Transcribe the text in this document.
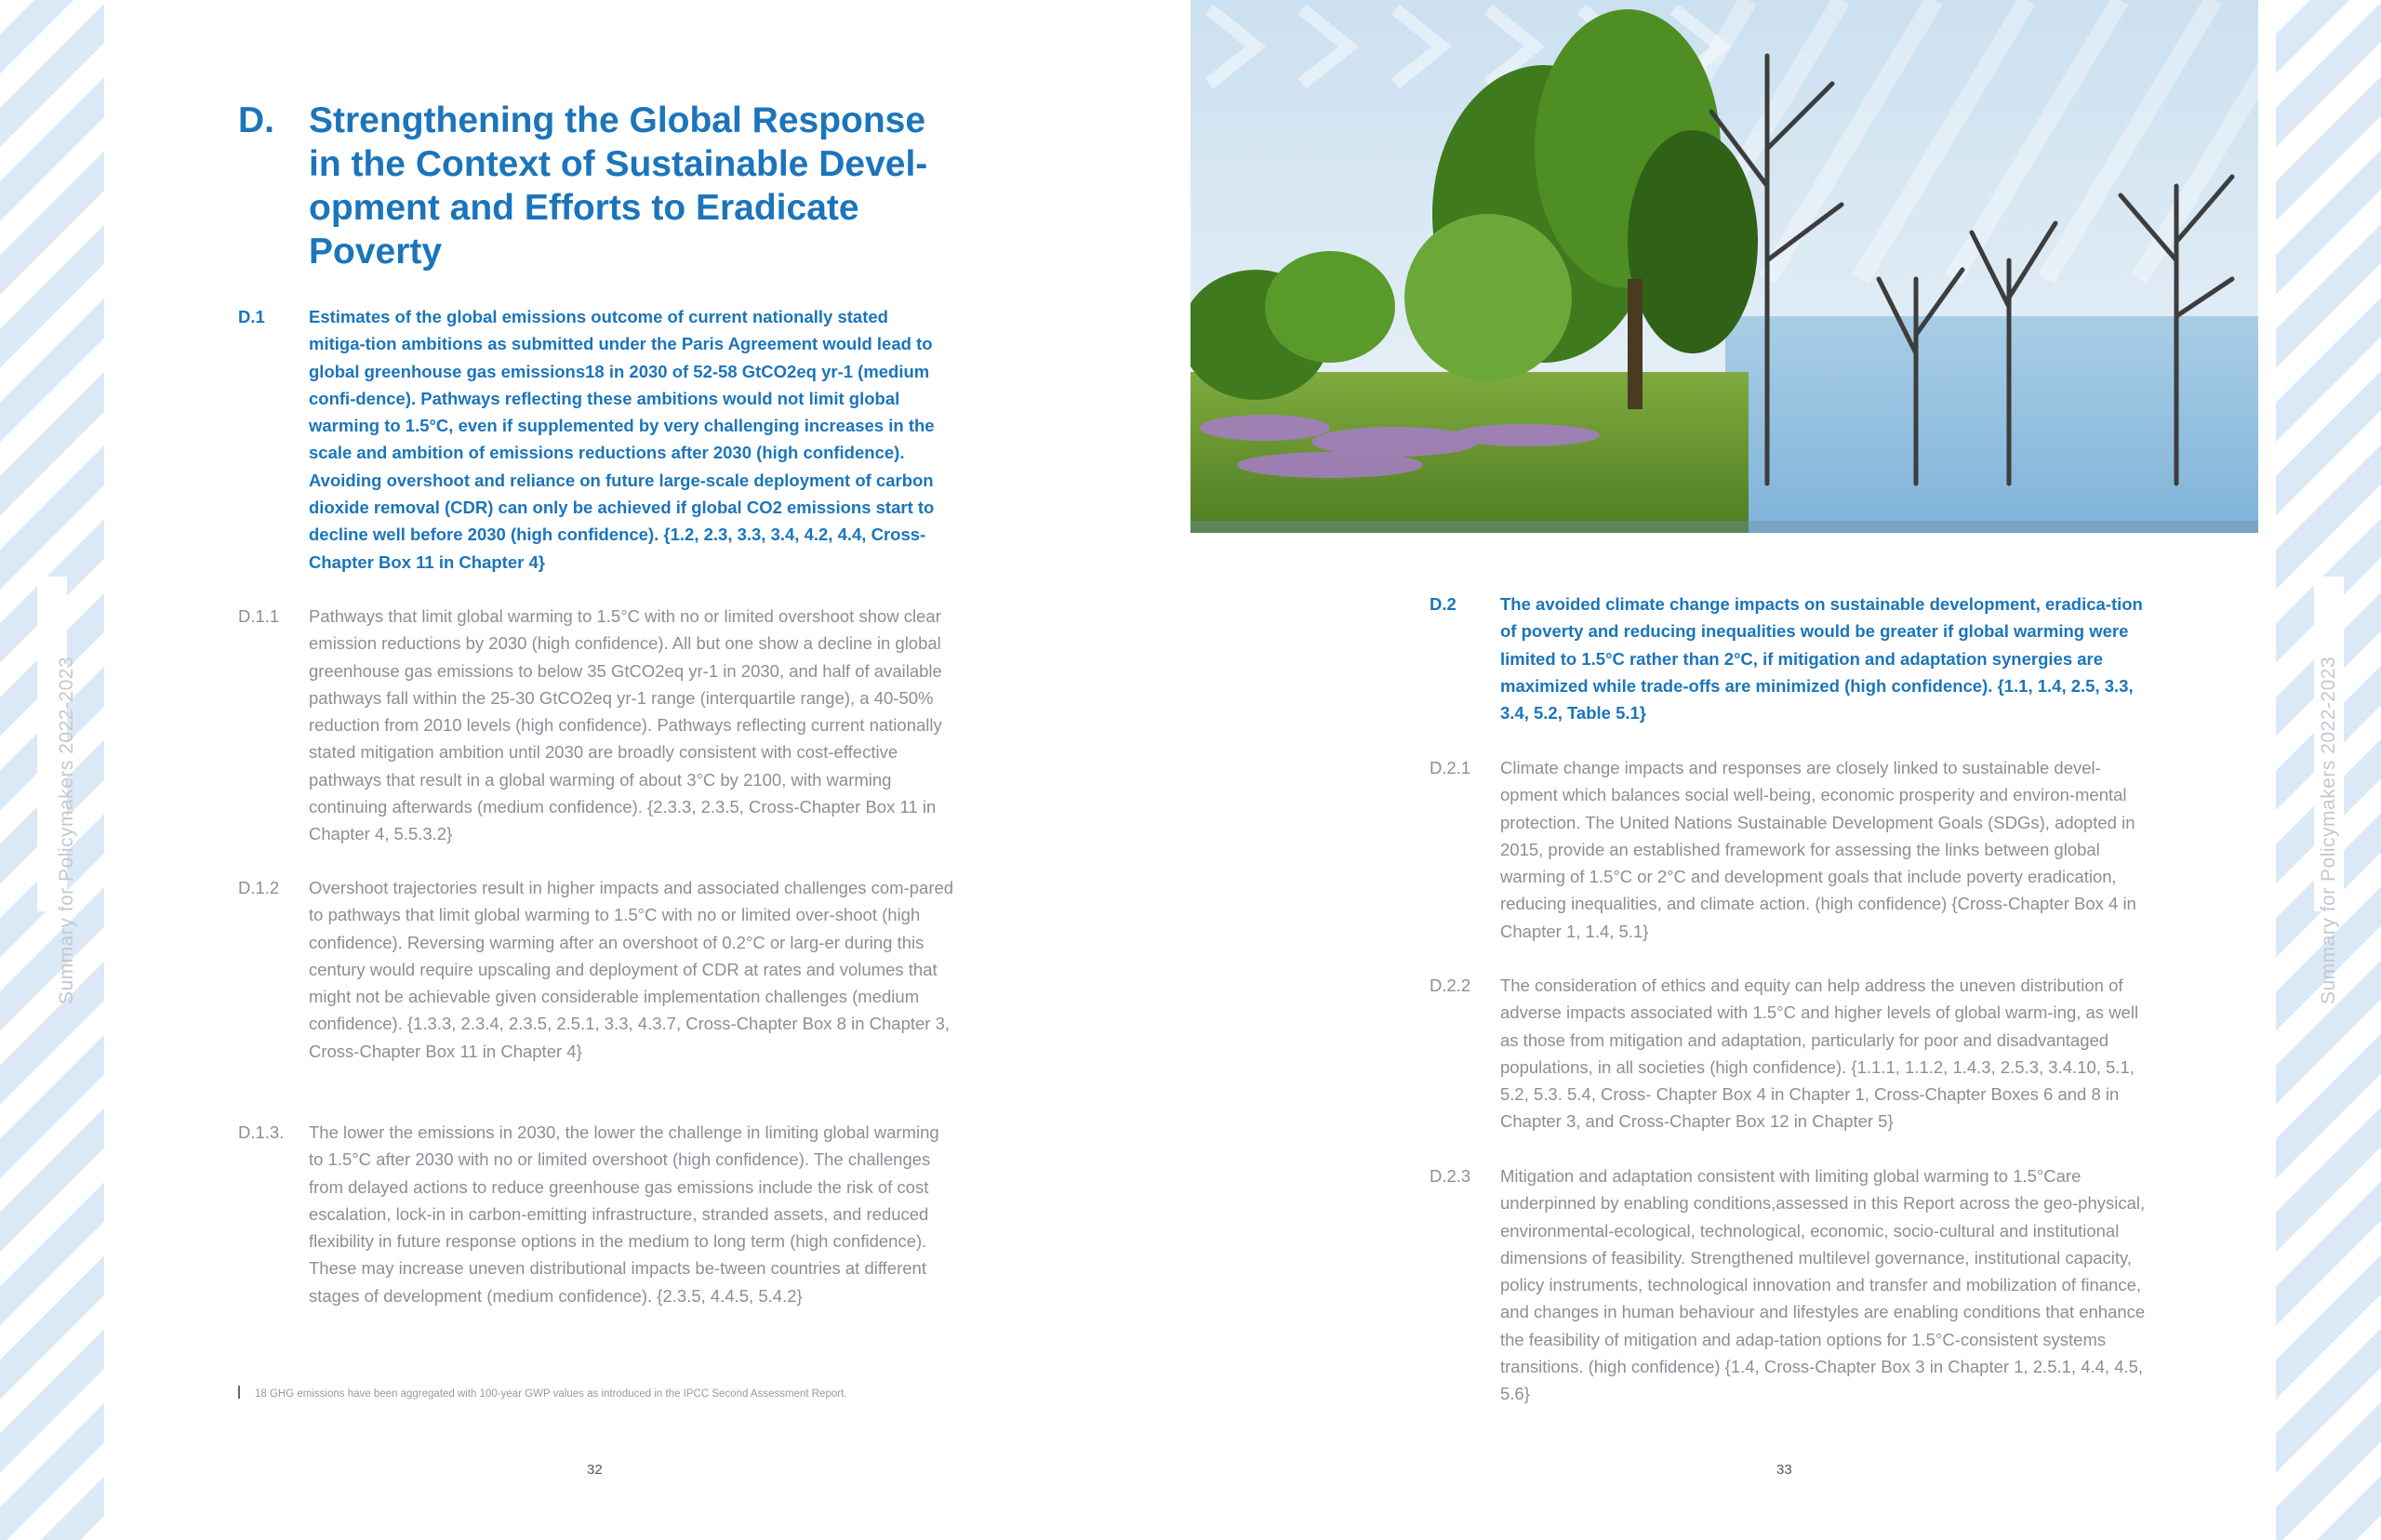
Summary for Policymakers 2022-2023	Summary for Policymakers 2022-2023
D. Strengthening the Global Response in the Context of Sustainable Devel-opment and Efforts to Eradicate Poverty
D.1	Estimates of the global emissions outcome of current nationally stated mitiga-tion ambitions as submitted under the Paris Agreement would lead to global greenhouse gas emissions18 in 2030 of 52-58 GtCO2eq yr-1 (medium confi-dence). Pathways reflecting these ambitions would not limit global warming to 1.5°C, even if supplemented by very challenging increases in the scale and ambition of emissions reductions after 2030 (high confidence). Avoiding overshoot and reliance on future large-scale deployment of carbon dioxide removal (CDR) can only be achieved if global CO2 emissions start to decline well before 2030 (high confidence). {1.2, 2.3, 3.3, 3.4, 4.2, 4.4, Cross- Chapter Box 11 in Chapter 4}
D.1.1 Pathways that limit global warming to 1.5°C with no or limited overshoot show clear emission reductions by 2030 (high confidence). All but one show a decline in global greenhouse gas emissions to below 35 GtCO2eq yr-1 in 2030, and half of available pathways fall within the 25-30 GtCO2eq yr-1 range (interquartile range), a 40-50% reduction from 2010 levels (high confidence). Pathways reflecting current nationally stated mitigation ambition until 2030 are broadly consistent with cost-effective pathways that result in a global warming of about 3°C by 2100, with warming continuing afterwards (medium confidence). {2.3.3, 2.3.5, Cross-Chapter Box 11 in Chapter 4, 5.5.3.2}
D.1.2 Overshoot trajectories result in higher impacts and associated challenges com-pared to pathways that limit global warming to 1.5°C with no or limited over-shoot (high confidence). Reversing warming after an overshoot of 0.2°C or larg-er during this century would require upscaling and deployment of CDR at rates and volumes that might not be achievable given considerable implementation challenges (medium confidence). {1.3.3, 2.3.4, 2.3.5, 2.5.1, 3.3, 4.3.7, Cross-Chapter Box 8 in Chapter 3, Cross-Chapter Box 11 in Chapter 4}
D.1.3. The lower the emissions in 2030, the lower the challenge in limiting global warming to 1.5°C after 2030 with no or limited overshoot (high confidence). The challenges from delayed actions to reduce greenhouse gas emissions include the risk of cost escalation, lock-in in carbon-emitting infrastructure, stranded assets, and reduced flexibility in future response options in the medium to long term (high confidence). These may increase uneven distributional impacts be-tween countries at different stages of development (medium confidence). {2.3.5, 4.4.5, 5.4.2}
18 GHG emissions have been aggregated with 100-year GWP values as introduced in the IPCC Second Assessment Report.
32
D.2	The avoided climate change impacts on sustainable development, eradica-tion of poverty and reducing inequalities would be greater if global warming were limited to 1.5°C rather than 2°C, if mitigation and adaptation synergies are maximized while trade-offs are minimized (high confidence). {1.1, 1.4, 2.5, 3.3, 3.4, 5.2, Table 5.1}
D.2.1 Climate change impacts and responses are closely linked to sustainable devel-opment which balances social well-being, economic prosperity and environ-mental protection. The United Nations Sustainable Development Goals (SDGs), adopted in 2015, provide an established framework for assessing the links between global warming of 1.5°C or 2°C and development goals that include poverty eradication, reducing inequalities, and climate action. (high confidence) {Cross-Chapter Box 4 in Chapter 1, 1.4, 5.1}
D.2.2 The consideration of ethics and equity can help address the uneven distribution of adverse impacts associated with 1.5°C and higher levels of global warm-ing, as well as those from mitigation and adaptation, particularly for poor and disadvantaged populations, in all societies (high confidence). {1.1.1, 1.1.2, 1.4.3, 2.5.3, 3.4.10, 5.1, 5.2, 5.3. 5.4, Cross- Chapter Box 4 in Chapter 1, Cross-Chapter Boxes 6 and 8 in Chapter 3, and Cross-Chapter Box 12 in Chapter 5}
D.2.3 Mitigation and adaptation consistent with limiting global warming to 1.5°Care underpinned by enabling conditions,assessed in this Report across the geo-physical, environmental-ecological, technological, economic, socio-cultural and institutional dimensions of feasibility. Strengthened multilevel governance, institutional capacity, policy instruments, technological innovation and transfer and mobilization of finance, and changes in human behaviour and lifestyles are enabling conditions that enhance the feasibility of mitigation and adap-tation options for 1.5°C-consistent systems transitions. (high confidence) {1.4, Cross-Chapter Box 3 in Chapter 1, 2.5.1, 4.4, 4.5, 5.6}
33
